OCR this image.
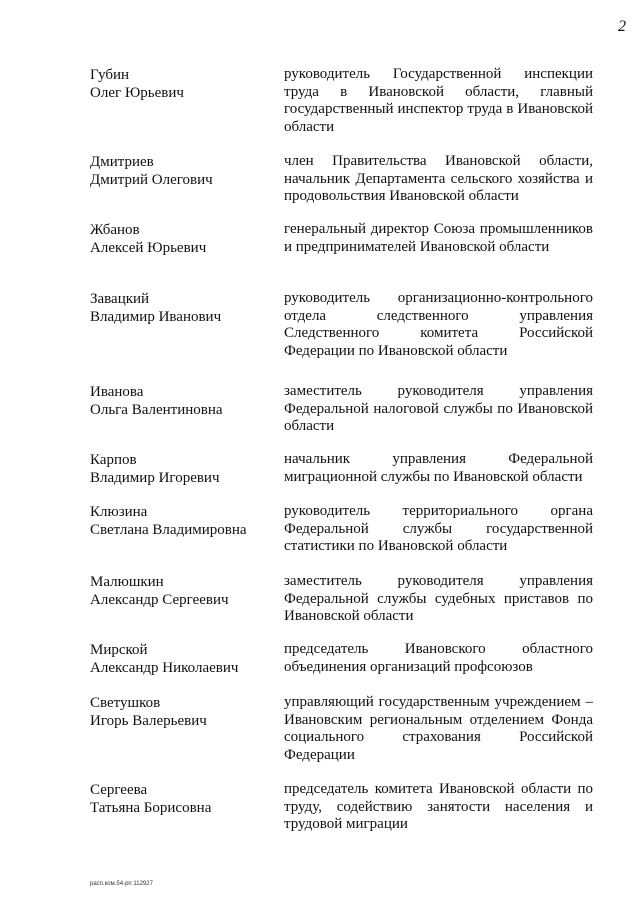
2
Губин
Олег Юрьевич
руководитель Государственной инспекции труда в Ивановской области, главный государственный инспектор труда в Ивановской области
Дмитриев
Дмитрий Олегович
член Правительства Ивановской области, начальник Департамента сельского хозяйства и продовольствия Ивановской области
Жбанов
Алексей Юрьевич
генеральный директор Союза промышленников и предпринимателей Ивановской области
Завацкий
Владимир Иванович
руководитель организационно-контрольного отдела следственного управления Следственного комитета Российской Федерации по Ивановской области
Иванова
Ольга Валентиновна
заместитель руководителя управления Федеральной налоговой службы по Ивановской области
Карпов
Владимир Игоревич
начальник управления Федеральной миграционной службы по Ивановской области
Клюзина
Светлана Владимировна
руководитель территориального органа Федеральной службы государственной статистики по Ивановской области
Малюшкин
Александр Сергеевич
заместитель руководителя управления Федеральной службы судебных приставов по Ивановской области
Мирской
Александр Николаевич
председатель Ивановского областного объединения организаций профсоюзов
Светушков
Игорь Валерьевич
управляющий государственным учреждением – Ивановским региональным отделением Фонда социального страхования Российской Федерации
Сергеева
Татьяна Борисовна
председатель комитета Ивановской области по труду, содействию занятости населения и трудовой миграции
расп.ком.54-рп 112927
